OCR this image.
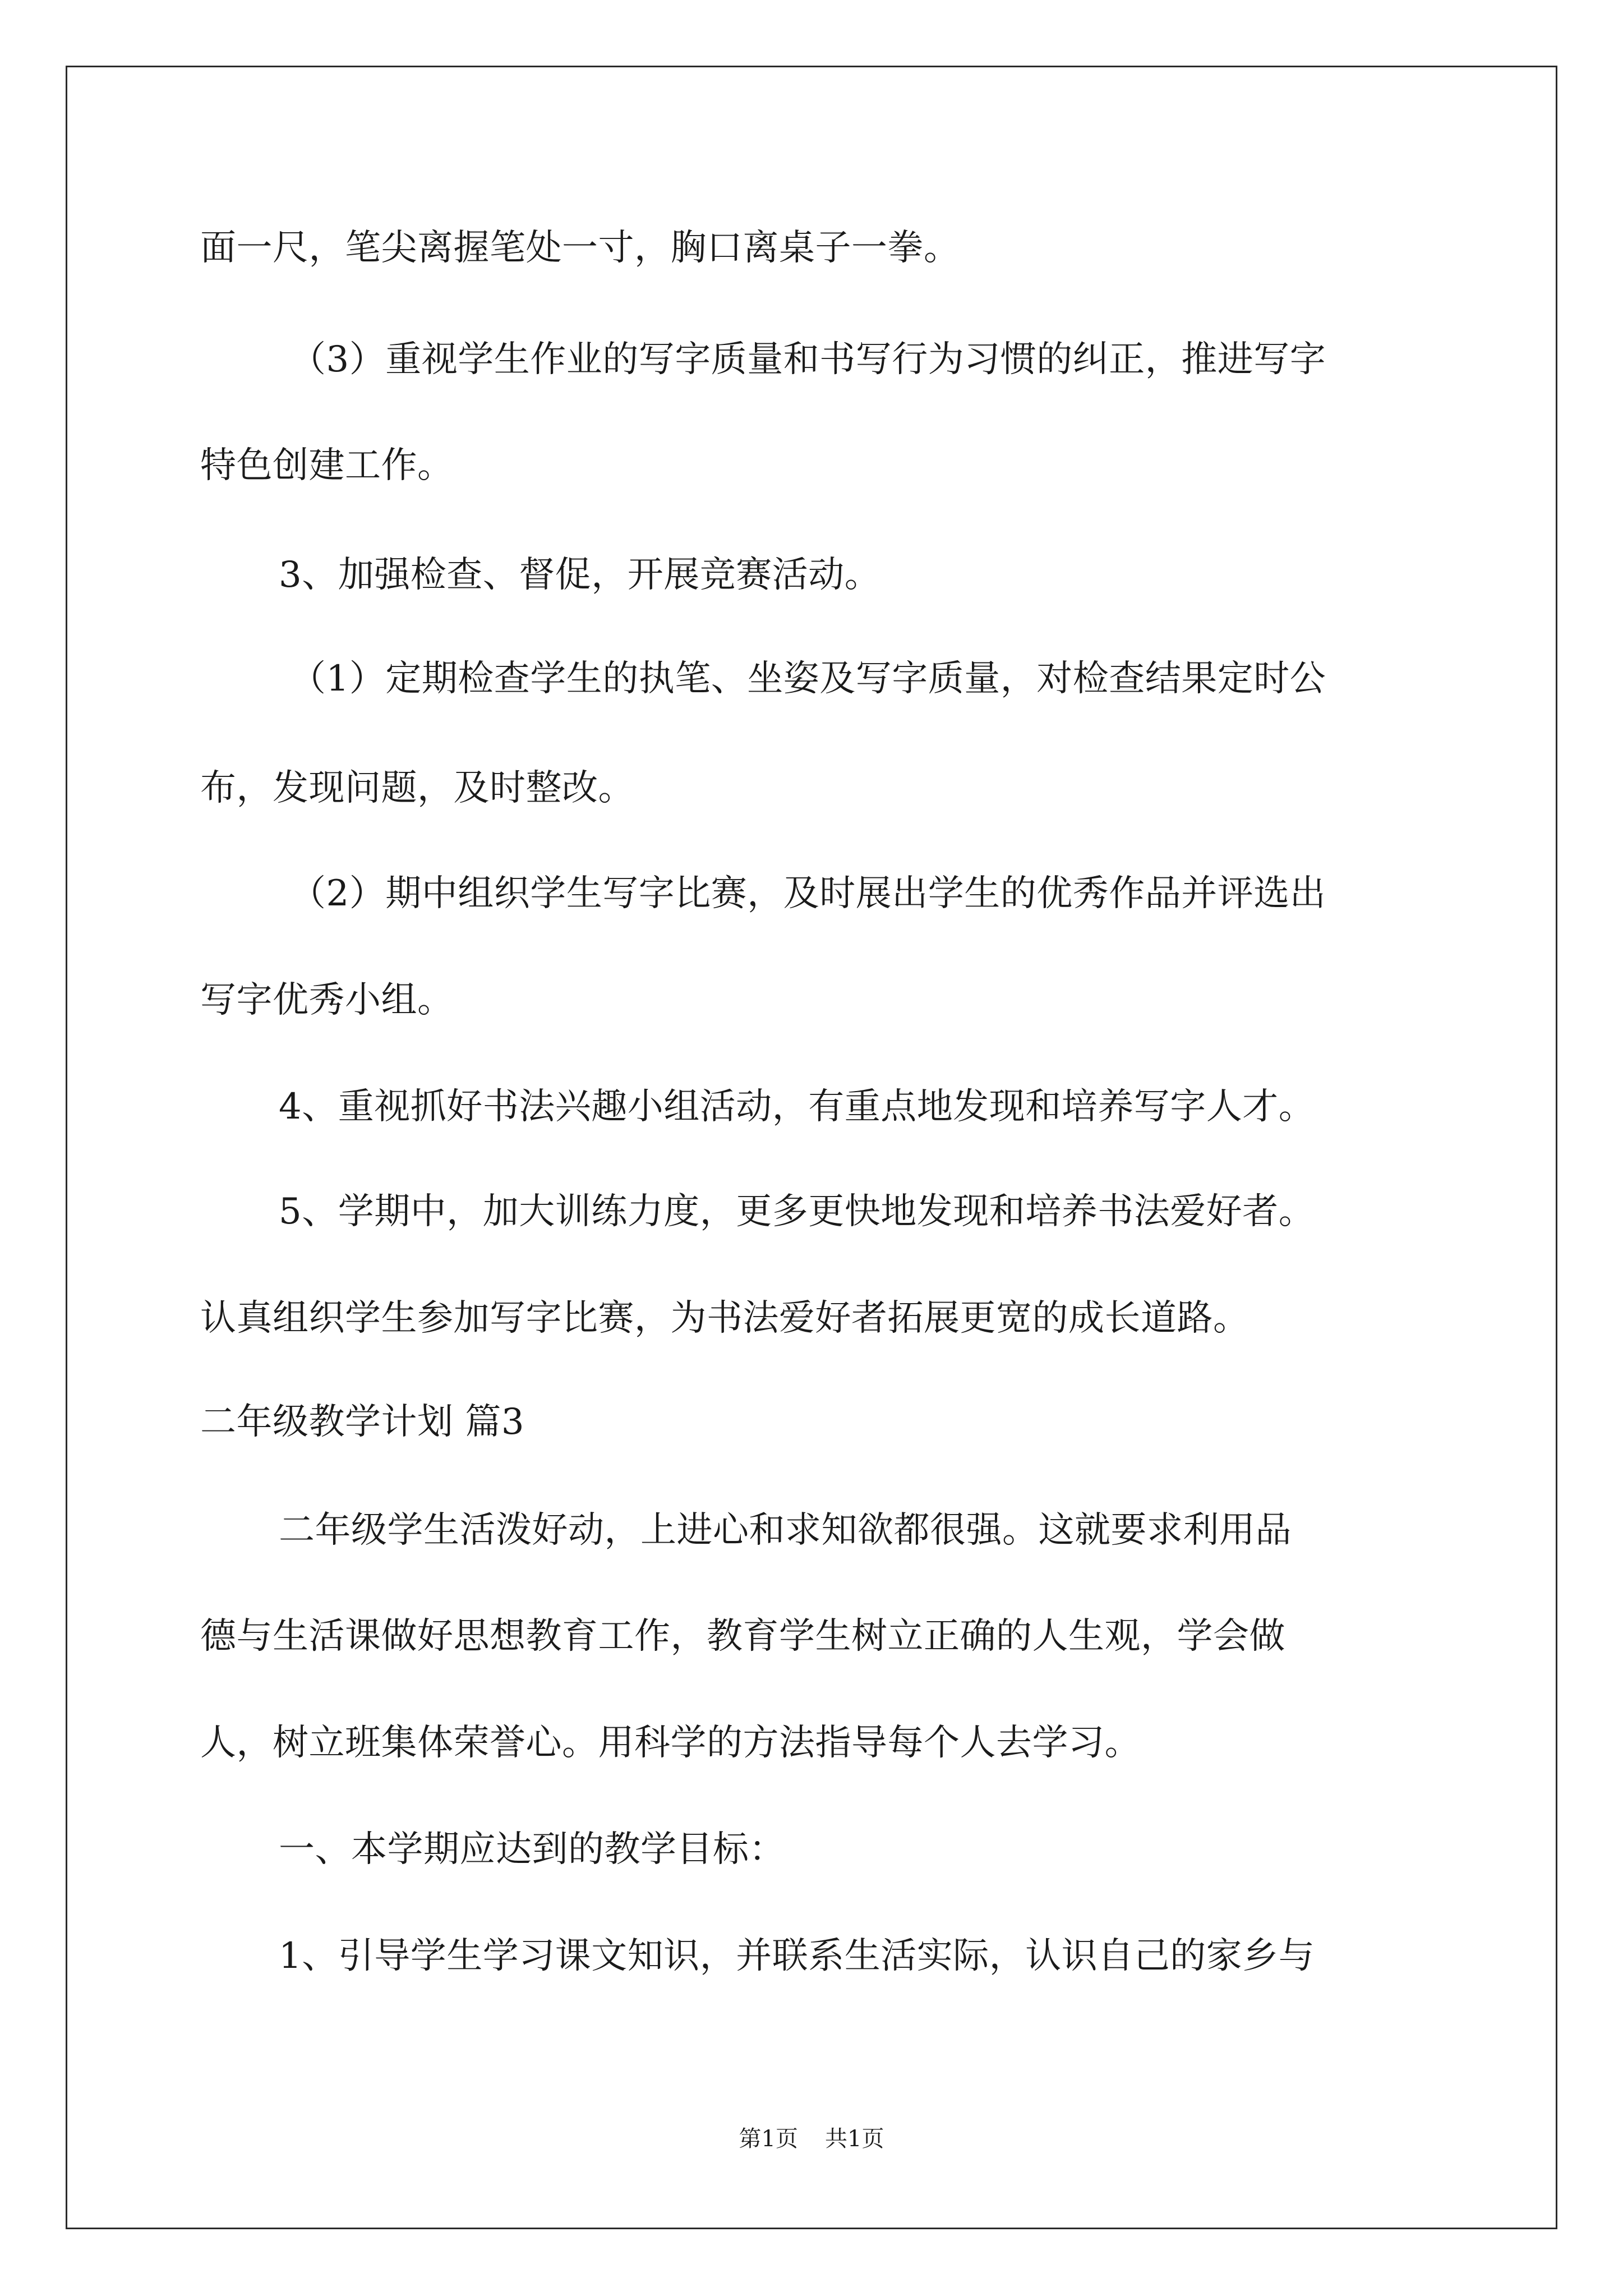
面一尺，笔尖离握笔处一寸，胸口离桌子一拳。
（3）重视学生作业的写字质量和书写行为习惯的纠正，推进写字
特色创建工作。
3、加强检查、督促，开展竞赛活动。
（1）定期检查学生的执笔、坐姿及写字质量，对检查结果定时公
布，发现问题，及时整改。
（2）期中组织学生写字比赛，及时展出学生的优秀作品并评选出
写字优秀小组。
4、重视抓好书法兴趣小组活动，有重点地发现和培养写字人才。
5、学期中，加大训练力度，更多更快地发现和培养书法爱好者。
认真组织学生参加写字比赛，为书法爱好者拓展更宽的成长道路。
二年级教学计划 篇3
二年级学生活泼好动，上进心和求知欲都很强。这就要求利用品
德与生活课做好思想教育工作，教育学生树立正确的人生观，学会做
人，树立班集体荣誉心。用科学的方法指导每个人去学习。
一、本学期应达到的教学目标：
1、引导学生学习课文知识，并联系生活实际，认识自己的家乡与
第1页 共1页
